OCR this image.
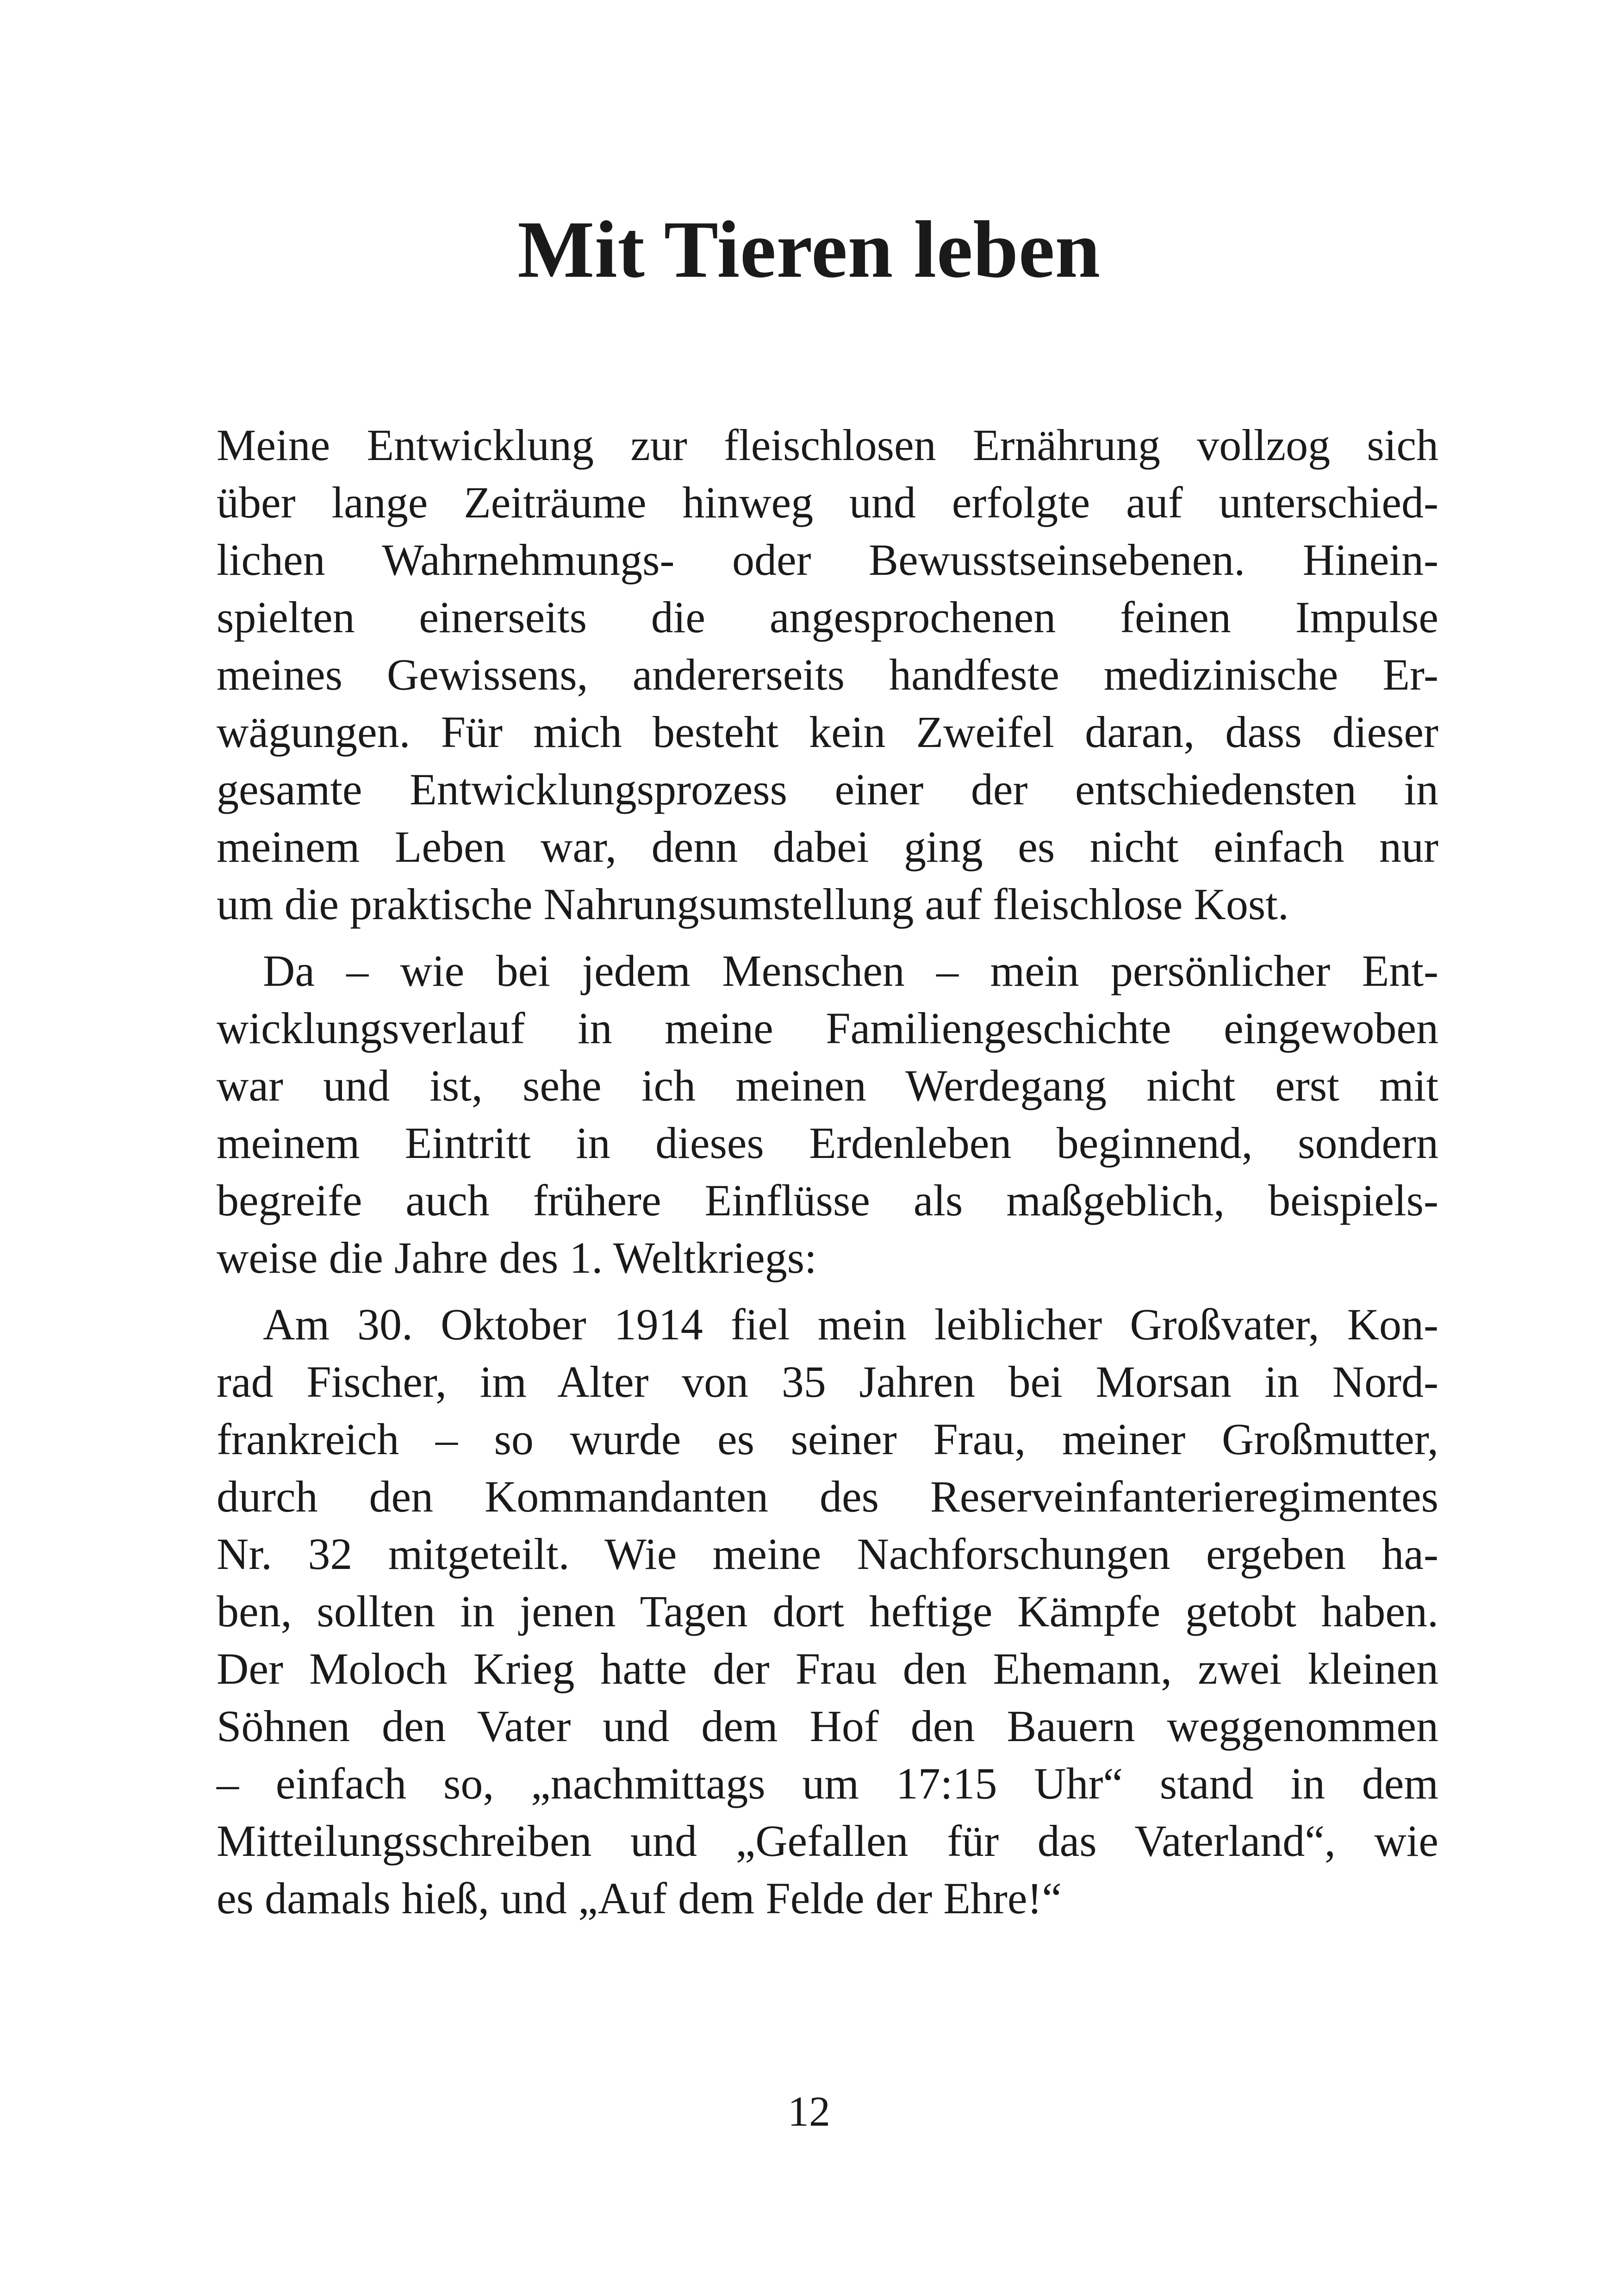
Mit Tieren leben
Meine Entwicklung zur fleischlosen Ernährung vollzog sich
über lange Zeiträume hinweg und erfolgte auf unterschied-
lichen Wahrnehmungs- oder Bewusstseinsebenen. Hinein-
spielten einerseits die angesprochenen feinen Impulse
meines Gewissens, andererseits handfeste medizinische Er-
wägungen. Für mich besteht kein Zweifel daran, dass dieser
gesamte Entwicklungsprozess einer der entschiedensten in
meinem Leben war, denn dabei ging es nicht einfach nur
um die praktische Nahrungsumstellung auf fleischlose Kost.
Da – wie bei jedem Menschen – mein persönlicher Ent-
wicklungsverlauf in meine Familiengeschichte eingewoben
war und ist, sehe ich meinen Werdegang nicht erst mit
meinem Eintritt in dieses Erdenleben beginnend, sondern
begreife auch frühere Einflüsse als maßgeblich, beispiels-
weise die Jahre des 1. Weltkriegs:
Am 30. Oktober 1914 fiel mein leiblicher Großvater, Kon-
rad Fischer, im Alter von 35 Jahren bei Morsan in Nord-
frankreich – so wurde es seiner Frau, meiner Großmutter,
durch den Kommandanten des Reserveinfanterieregimentes
Nr. 32 mitgeteilt. Wie meine Nachforschungen ergeben ha-
ben, sollten in jenen Tagen dort heftige Kämpfe getobt haben.
Der Moloch Krieg hatte der Frau den Ehemann, zwei kleinen
Söhnen den Vater und dem Hof den Bauern weggenommen
– einfach so, „nachmittags um 17:15 Uhr“ stand in dem
Mitteilungsschreiben und „Gefallen für das Vaterland“, wie
es damals hieß, und „Auf dem Felde der Ehre!“
12
